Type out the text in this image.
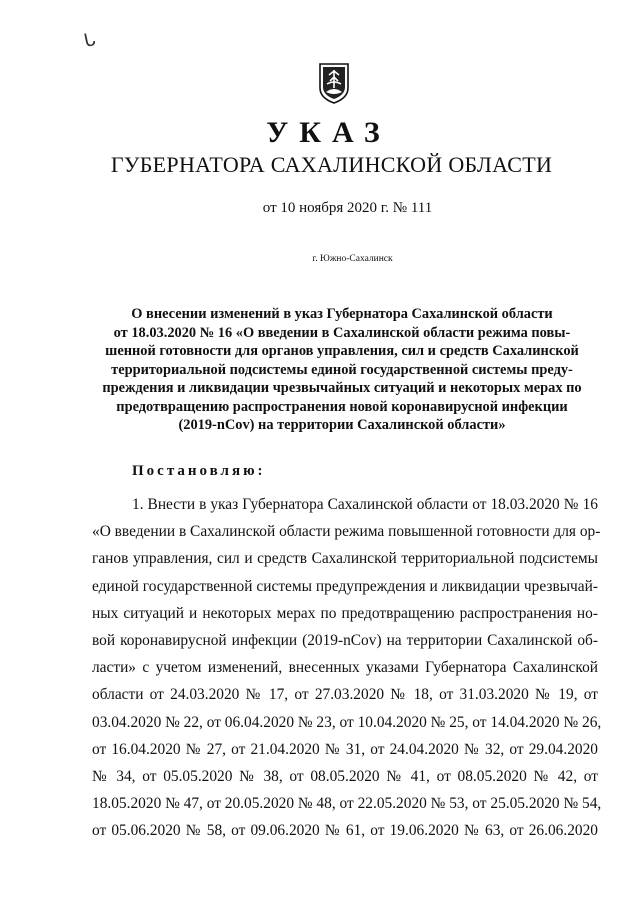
ᒐ
УКАЗ
ГУБЕРНАТОРА САХАЛИНСКОЙ ОБЛАСТИ
от 10 ноября 2020 г. № 111
г. Южно-Сахалинск
О внесении изменений в указ Губернатора Сахалинской области
от 18.03.2020 № 16 «О введении в Сахалинской области режима повы-
шенной готовности для органов управления, сил и средств Сахалинской
территориальной подсистемы единой государственной системы преду-
преждения и ликвидации чрезвычайных ситуаций и некоторых мерах по
предотвращению распространения новой коронавирусной инфекции
(2019-nCov) на территории Сахалинской области»
Постановляю:
1. Внести в указ Губернатора Сахалинской области от 18.03.2020 № 16
«О введении в Сахалинской области режима повышенной готовности для ор-
ганов управления, сил и средств Сахалинской территориальной подсистемы
единой государственной системы предупреждения и ликвидации чрезвычай-
ных ситуаций и некоторых мерах по предотвращению распространения но-
вой коронавирусной инфекции (2019-nCov) на территории Сахалинской об-
ласти» с учетом изменений, внесенных указами Губернатора Сахалинской
области от 24.03.2020 № 17, от 27.03.2020 № 18, от 31.03.2020 № 19, от
03.04.2020 № 22, от 06.04.2020 № 23, от 10.04.2020 № 25, от 14.04.2020 № 26,
от 16.04.2020 № 27, от 21.04.2020 № 31, от 24.04.2020 № 32, от 29.04.2020
№ 34, от 05.05.2020 № 38, от 08.05.2020 № 41, от 08.05.2020 № 42, от
18.05.2020 № 47, от 20.05.2020 № 48, от 22.05.2020 № 53, от 25.05.2020 № 54,
от 05.06.2020 № 58, от 09.06.2020 № 61, от 19.06.2020 № 63, от 26.06.2020
